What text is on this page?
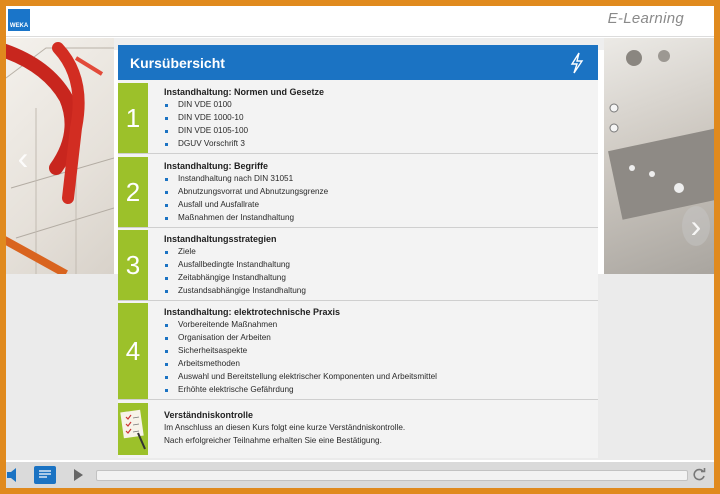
WEKA	E-Learning
‹
›
Kursübersicht
1
Instandhaltung: Normen und Gesetze
DIN VDE 0100
DIN VDE 1000-10
DIN VDE 0105-100
DGUV Vorschrift 3
2
Instandhaltung: Begriffe
Instandhaltung nach DIN 31051
Abnutzungsvorrat und Abnutzungsgrenze
Ausfall und Ausfallrate
Maßnahmen der Instandhaltung
3
Instandhaltungsstrategien
Ziele
Ausfallbedingte Instandhaltung
Zeitabhängige Instandhaltung
Zustandsabhängige Instandhaltung
4
Instandhaltung: elektrotechnische Praxis
Vorbereitende Maßnahmen
Organisation der Arbeiten
Sicherheitsaspekte
Arbeitsmethoden
Auswahl und Bereitstellung elektrischer Komponenten und Arbeitsmittel
Erhöhte elektrische Gefährdung
Verständniskontrolle
Im Anschluss an diesen Kurs folgt eine kurze Verständniskontrolle.
Nach erfolgreicher Teilnahme erhalten Sie eine Bestätigung.
